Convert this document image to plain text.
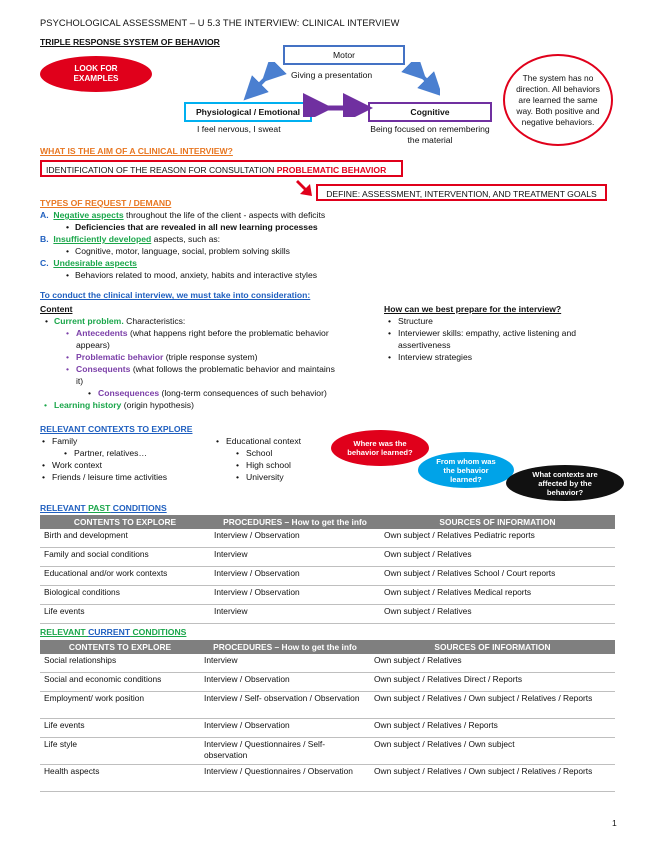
PSYCHOLOGICAL ASSESSMENT – U 5.3 THE INTERVIEW: CLINICAL INTERVIEW
TRIPLE RESPONSE SYSTEM OF BEHAVIOR
LOOK FOR EXAMPLES
Motor
Giving a presentation
Physiological / Emotional
I feel nervous, I sweat
Cognitive
Being focused on remembering the material
The system has no direction. All behaviors are learned the same way. Both positive and negative behaviors.
WHAT IS THE AIM OF A CLINICAL INTERVIEW?
IDENTIFICATION OF THE REASON FOR CONSULTATION PROBLEMATIC BEHAVIOR
DEFINE: ASSESSMENT, INTERVENTION, AND TREATMENT GOALS
TYPES OF REQUEST / DEMAND
A. Negative aspects throughout the life of the client - aspects with deficits
• Deficiencies that are revealed in all new learning processes
B. Insufficiently developed aspects, such as:
• Cognitive, motor, language, social, problem solving skills
C. Undesirable aspects
• Behaviors related to mood, anxiety, habits and interactive styles
To conduct the clinical interview, we must take into consideration:
Content
Current problem. Characteristics:
• Antecedents (what happens right before the problematic behavior
appears)
• Problematic behavior (triple response system)
• Consequents (what follows the problematic behavior and maintains
it)
• Consequences (long-term consequences of such behavior)
• Learning history (origin hypothesis)
How can we best prepare for the interview?
• Structure
• Interviewer skills: empathy, active listening and
assertiveness
• Interview strategies
RELEVANT CONTEXTS TO EXPLORE
• Family
• Partner, relatives…
• Work context
• Friends / leisure time activities
• Educational context
• School
• High school
• University
Where was the behavior learned?
From whom was the behavior learned?
What contexts are affected by the behavior?
RELEVANT PAST CONDITIONS
CONTENTS TO EXPLORE	PROCEDURES – How to get the info	SOURCES OF INFORMATION
Birth and development	Interview / Observation	Own subject / Relatives Pediatric reports
Family and social conditions	Interview	Own subject / Relatives
Educational and/or work contexts	Interview / Observation	Own subject / Relatives School / Court reports
Biological conditions	Interview / Observation	Own subject / Relatives Medical reports
Life events	Interview	Own subject / Relatives
RELEVANT CURRENT CONDITIONS
CONTENTS TO EXPLORE	PROCEDURES – How to get the info	SOURCES OF INFORMATION
Social relationships	Interview	Own subject / Relatives
Social and economic conditions	Interview / Observation	Own subject / Relatives Direct / Reports
Employment/ work position	Interview / Self- observation / Observation	Own subject / Relatives / Own subject / Relatives / Reports
Life events	Interview / Observation	Own subject / Relatives / Reports
Life style	Interview / Questionnaires / Self-observation	Own subject / Relatives / Own subject
Health aspects	Interview / Questionnaires / Observation	Own subject / Relatives / Own subject / Relatives / Reports
1
